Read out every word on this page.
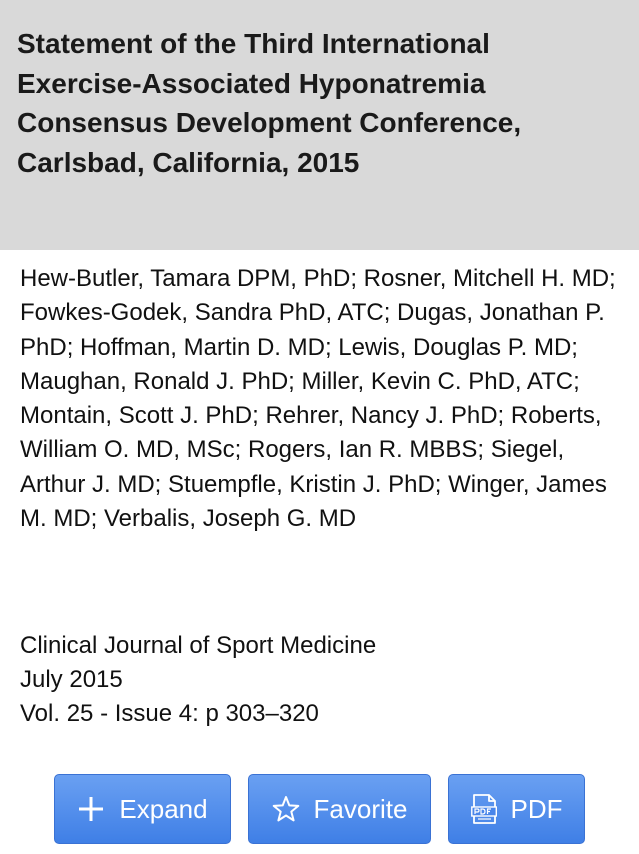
Statement of the Third International Exercise-Associated Hyponatremia Consensus Development Conference, Carlsbad, California, 2015
Hew-Butler, Tamara DPM, PhD; Rosner, Mitchell H. MD; Fowkes-Godek, Sandra PhD, ATC; Dugas, Jonathan P. PhD; Hoffman, Martin D. MD; Lewis, Douglas P. MD; Maughan, Ronald J. PhD; Miller, Kevin C. PhD, ATC; Montain, Scott J. PhD; Rehrer, Nancy J. PhD; Roberts, William O. MD, MSc; Rogers, Ian R. MBBS; Siegel, Arthur J. MD; Stuempfle, Kristin J. PhD; Winger, James M. MD; Verbalis, Joseph G. MD
Clinical Journal of Sport Medicine
July 2015
Vol. 25 - Issue 4: p 303–320
Expand	Favorite	PDF
